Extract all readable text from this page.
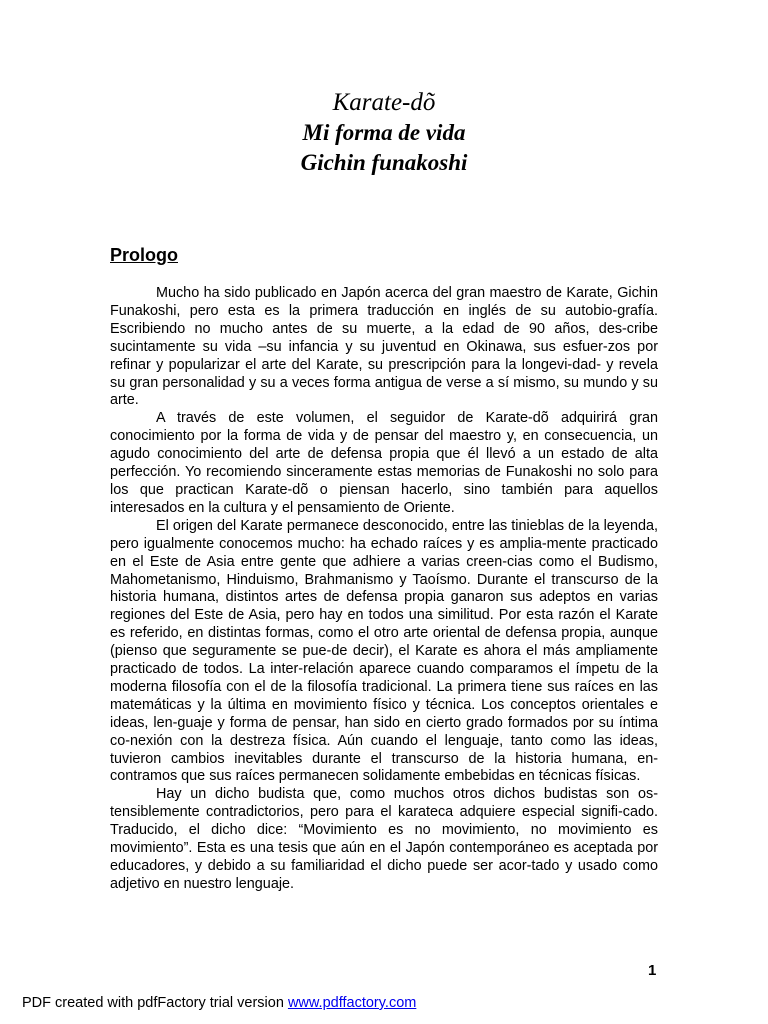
Karate-dõ
Mi forma de vida
Gichin funakoshi
Prologo

Mucho ha sido publicado en Japón acerca del gran maestro de Karate, Gichin Funakoshi, pero esta es la primera traducción en inglés de su autobio-grafía. Escribiendo no mucho antes de su muerte, a la edad de 90 años, des-cribe sucintamente su vida –su infancia y su juventud en Okinawa, sus esfuer-zos por refinar y popularizar el arte del Karate, su prescripción para la longevi-dad- y revela su gran personalidad y su a veces forma antigua de verse a sí mismo, su mundo y su arte.

A través de este volumen, el seguidor de Karate-dõ adquirirá gran conocimiento por la forma de vida y de pensar del maestro y, en consecuencia, un agudo conocimiento del arte de defensa propia que él llevó a un estado de alta perfección. Yo recomiendo sinceramente estas memorias de Funakoshi no solo para los que practican Karate-dõ o piensan hacerlo, sino también para aquellos interesados en la cultura y el pensamiento de Oriente.

El origen del Karate permanece desconocido, entre las tinieblas de la leyenda, pero igualmente conocemos mucho: ha echado raíces y es amplia-mente practicado en el Este de Asia entre gente que adhiere a varias creen-cias como el Budismo, Mahometanismo, Hinduismo, Brahmanismo y Taoísmo. Durante el transcurso de la historia humana, distintos artes de defensa propia ganaron sus adeptos en varias regiones del Este de Asia, pero hay en todos una similitud. Por esta razón el Karate es referido, en distintas formas, como el otro arte oriental de defensa propia, aunque (pienso que seguramente se pue-de decir), el Karate es ahora el más ampliamente practicado de todos. La inter-relación aparece cuando comparamos el ímpetu de la moderna filosofía con el de la filosofía tradicional. La primera tiene sus raíces en las matemáticas y la última en movimiento físico y técnica. Los conceptos orientales e ideas, len-guaje y forma de pensar, han sido en cierto grado formados por su íntima co-nexión con la destreza física. Aún cuando el lenguaje, tanto como las ideas, tuvieron cambios inevitables durante el transcurso de la historia humana, en-contramos que sus raíces permanecen solidamente embebidas en técnicas físicas.

Hay un dicho budista que, como muchos otros dichos budistas son os-tensiblemente contradictorios, pero para el karateca adquiere especial signifi-cado. Traducido, el dicho dice: “Movimiento es no movimiento, no movimiento es movimiento”. Esta es una tesis que aún en el Japón contemporáneo es aceptada por educadores, y debido a su familiaridad el dicho puede ser acor-tado y usado como adjetivo en nuestro lenguaje.

1
PDF created with pdfFactory trial version www.pdffactory.com
